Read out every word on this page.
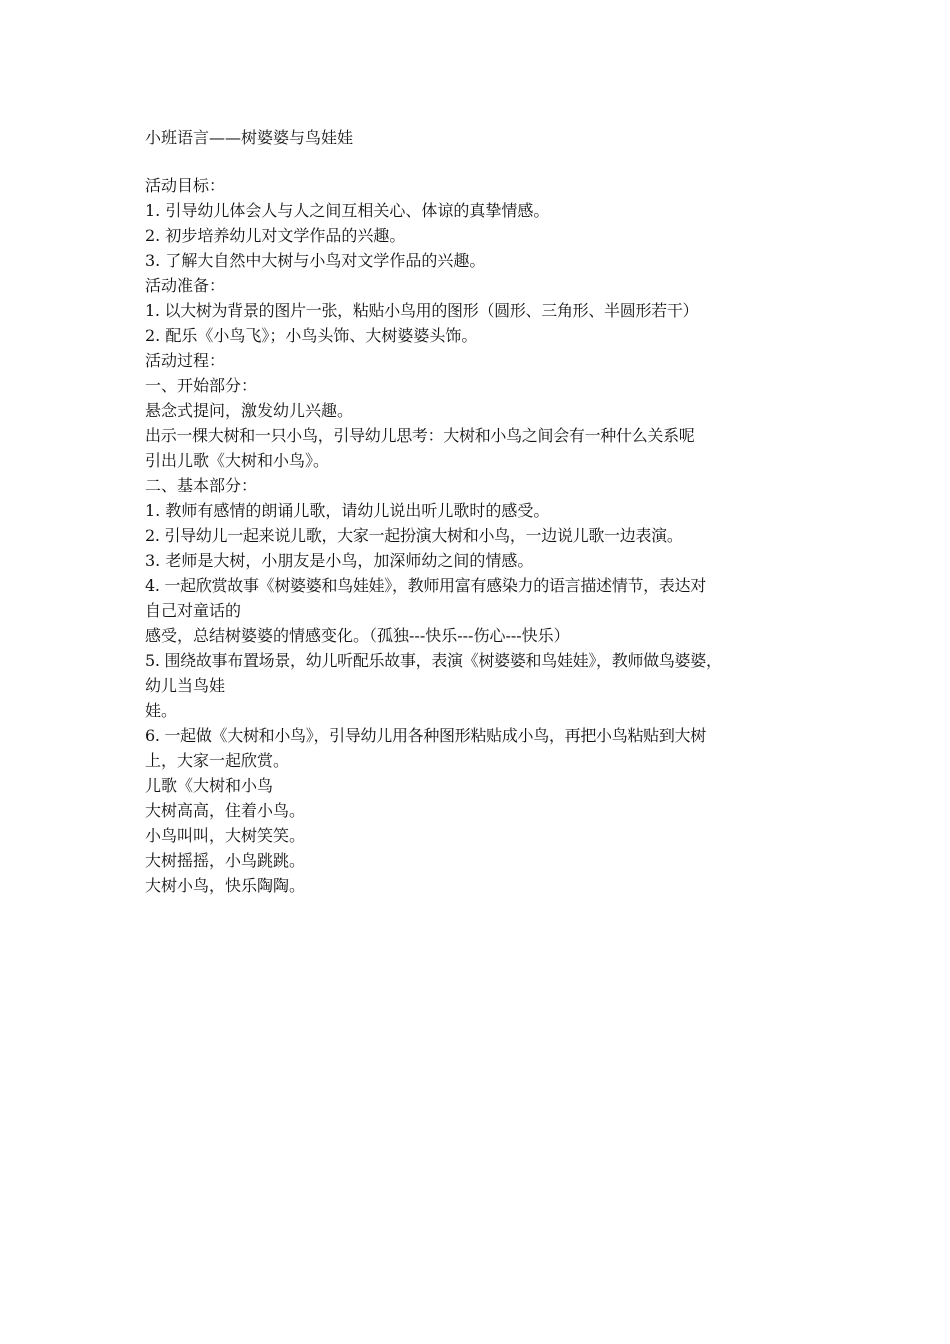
小班语言——树婆婆与鸟娃娃
活动目标：
1. 引导幼儿体会人与人之间互相关心、体谅的真挚情感。
2. 初步培养幼儿对文学作品的兴趣。
3. 了解大自然中大树与小鸟对文学作品的兴趣。
活动准备：
1. 以大树为背景的图片一张，粘贴小鸟用的图形（圆形、三角形、半圆形若干）
2. 配乐《小鸟飞》；小鸟头饰、大树婆婆头饰。
活动过程：
一、开始部分：
悬念式提问，激发幼儿兴趣。
出示一棵大树和一只小鸟，引导幼儿思考：大树和小鸟之间会有一种什么关系呢
引出儿歌《大树和小鸟》。
二、基本部分：
1. 教师有感情的朗诵儿歌，请幼儿说出听儿歌时的感受。
2. 引导幼儿一起来说儿歌，大家一起扮演大树和小鸟，一边说儿歌一边表演。
3. 老师是大树，小朋友是小鸟，加深师幼之间的情感。
4. 一起欣赏故事《树婆婆和鸟娃娃》，教师用富有感染力的语言描述情节，表达对
自己对童话的
感受，总结树婆婆的情感变化。（孤独---快乐---伤心---快乐）
5. 围绕故事布置场景，幼儿听配乐故事，表演《树婆婆和鸟娃娃》，教师做鸟婆婆，
幼儿当鸟娃
娃。
6. 一起做《大树和小鸟》，引导幼儿用各种图形粘贴成小鸟，再把小鸟粘贴到大树
上，大家一起欣赏。
儿歌《大树和小鸟
大树高高，住着小鸟。
小鸟叫叫，大树笑笑。
大树摇摇，小鸟跳跳。
大树小鸟，快乐陶陶。
